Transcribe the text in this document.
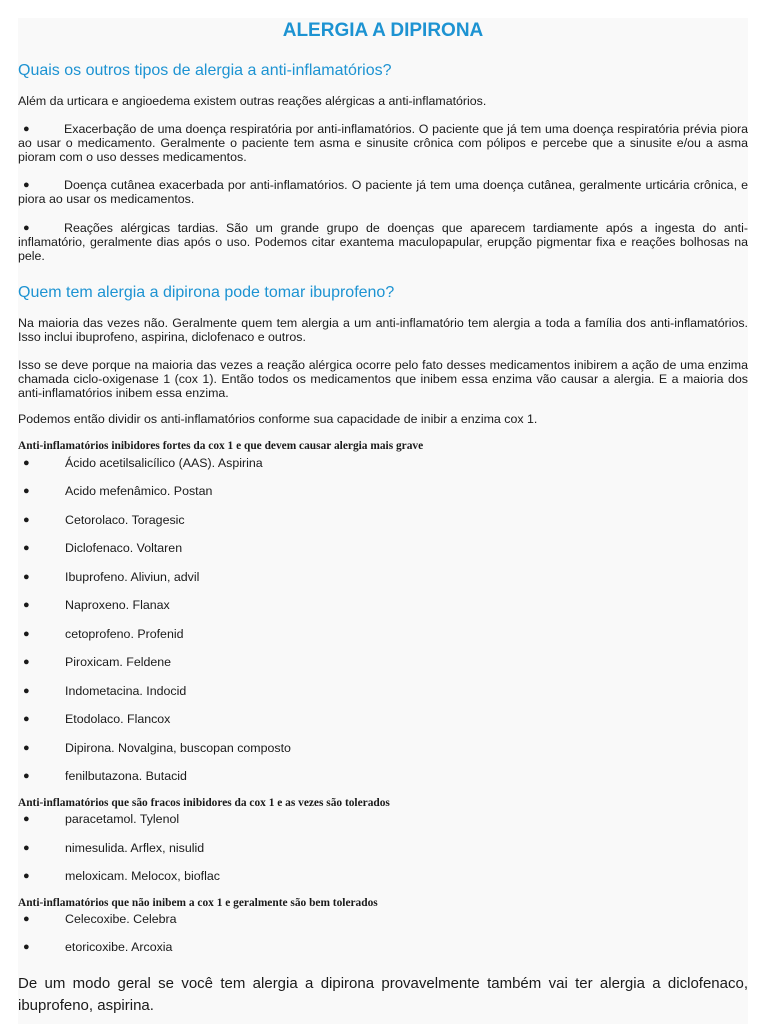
ALERGIA A DIPIRONA
Quais os outros tipos de alergia a anti-inflamatórios?
Além da urticara e angioedema existem outras reações alérgicas a anti-inflamatórios.
●	Exacerbação de uma doença respiratória por anti-inflamatórios. O paciente que já tem uma doença respiratória prévia piora ao usar o medicamento. Geralmente o paciente tem asma e sinusite crônica com pólipos e percebe que a sinusite e/ou a asma pioram com o uso desses medicamentos.
●	Doença cutânea exacerbada por anti-inflamatórios. O paciente já tem uma doença cutânea, geralmente urticária crônica, e piora ao usar os medicamentos.
●	Reações alérgicas tardias. São um grande grupo de doenças que aparecem tardiamente após a ingesta do anti-inflamatório, geralmente dias após o uso. Podemos citar exantema maculopapular, erupção pigmentar fixa e reações bolhosas na pele.
Quem tem alergia a dipirona pode tomar ibuprofeno?
Na maioria das vezes não. Geralmente quem tem alergia a um anti-inflamatório tem alergia a toda a família dos anti-inflamatórios. Isso inclui ibuprofeno, aspirina, diclofenaco e outros.
Isso se deve porque na maioria das vezes a reação alérgica ocorre pelo fato desses medicamentos inibirem a ação de uma enzima chamada ciclo-oxigenase 1 (cox 1). Então todos os medicamentos que inibem essa enzima vão causar a alergia. E a maioria dos anti-inflamatórios inibem essa enzima.
Podemos então dividir os anti-inflamatórios conforme sua capacidade de inibir a enzima cox 1.
Anti-inflamatórios inibidores fortes da cox 1 e que devem causar alergia mais grave
●	Ácido acetilsalicílico (AAS). Aspirina
●	Acido mefenâmico. Postan
●	Cetorolaco. Toragesic
●	Diclofenaco. Voltaren
●	Ibuprofeno. Aliviun, advil
●	Naproxeno. Flanax
●	cetoprofeno. Profenid
●	Piroxicam. Feldene
●	Indometacina. Indocid
●	Etodolaco. Flancox
●	Dipirona. Novalgina, buscopan composto
●	fenilbutazona. Butacid
Anti-inflamatórios que são fracos inibidores da cox 1 e as vezes são tolerados
●	paracetamol. Tylenol
●	nimesulida. Arflex, nisulid
●	meloxicam. Melocox, bioflac
Anti-inflamatórios que não inibem a cox 1 e geralmente são bem tolerados
●	Celecoxibe. Celebra
●	etoricoxibe. Arcoxia
De um modo geral se você tem alergia a dipirona provavelmente também vai ter alergia a diclofenaco, ibuprofeno, aspirina.
